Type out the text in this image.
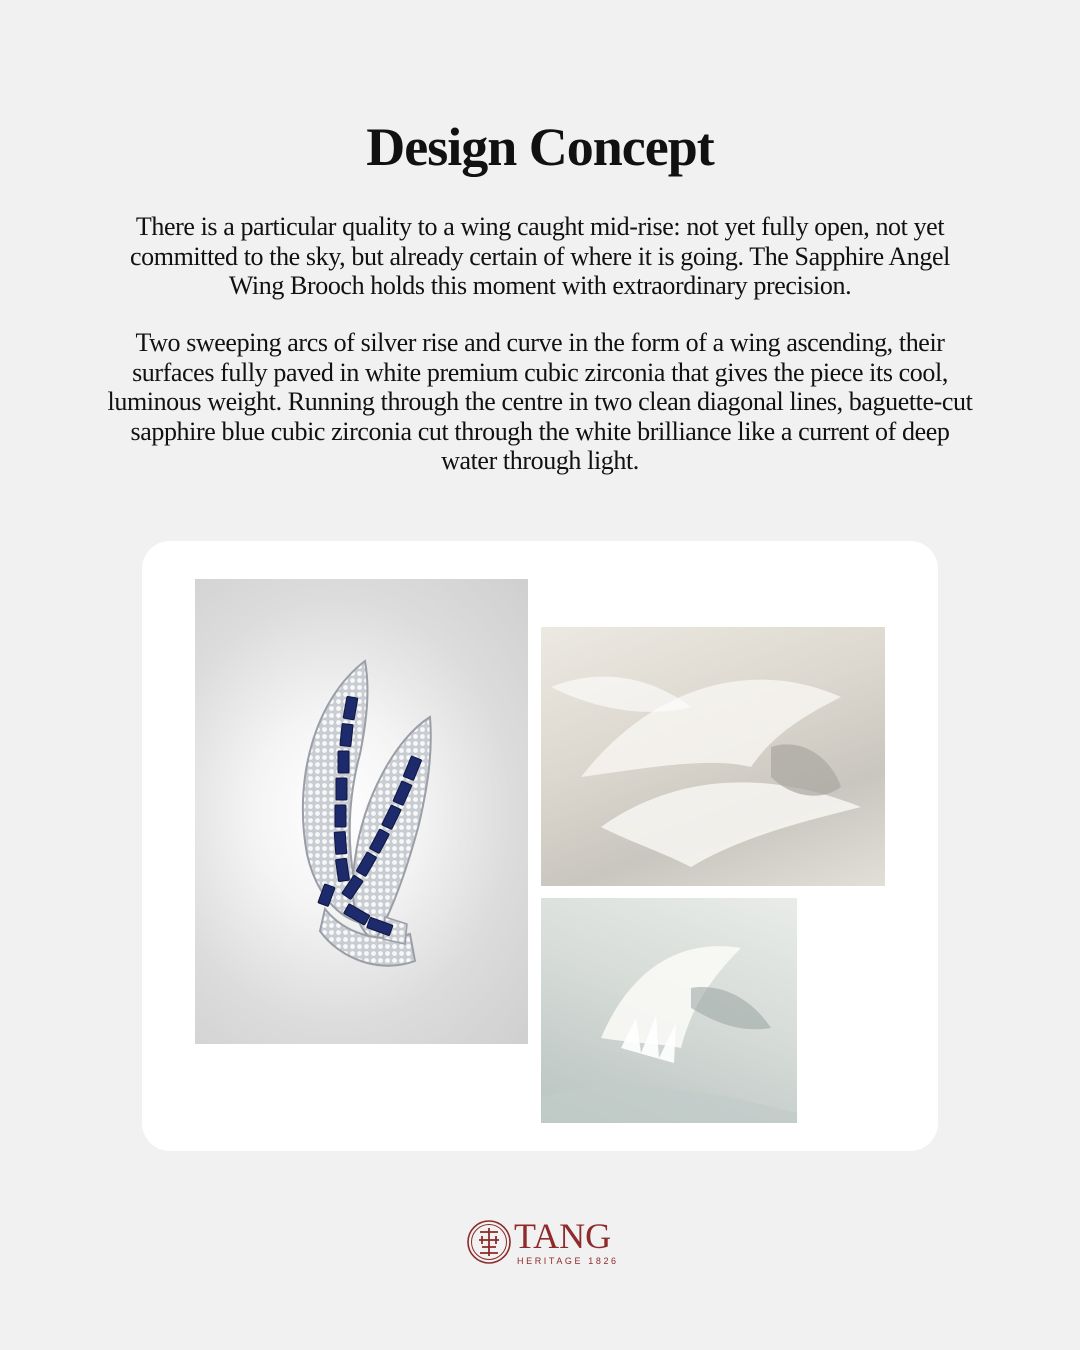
Design Concept

There is a particular quality to a wing caught mid-rise: not yet fully open, not yet committed to the sky, but already certain of where it is going. The Sapphire Angel Wing Brooch holds this moment with extraordinary precision.

Two sweeping arcs of silver rise and curve in the form of a wing ascending, their surfaces fully paved in white premium cubic zirconia that gives the piece its cool, luminous weight. Running through the centre in two clean diagonal lines, baguette-cut sapphire blue cubic zirconia cut through the white brilliance like a current of deep water through light.

TANG
HERITAGE 1826
